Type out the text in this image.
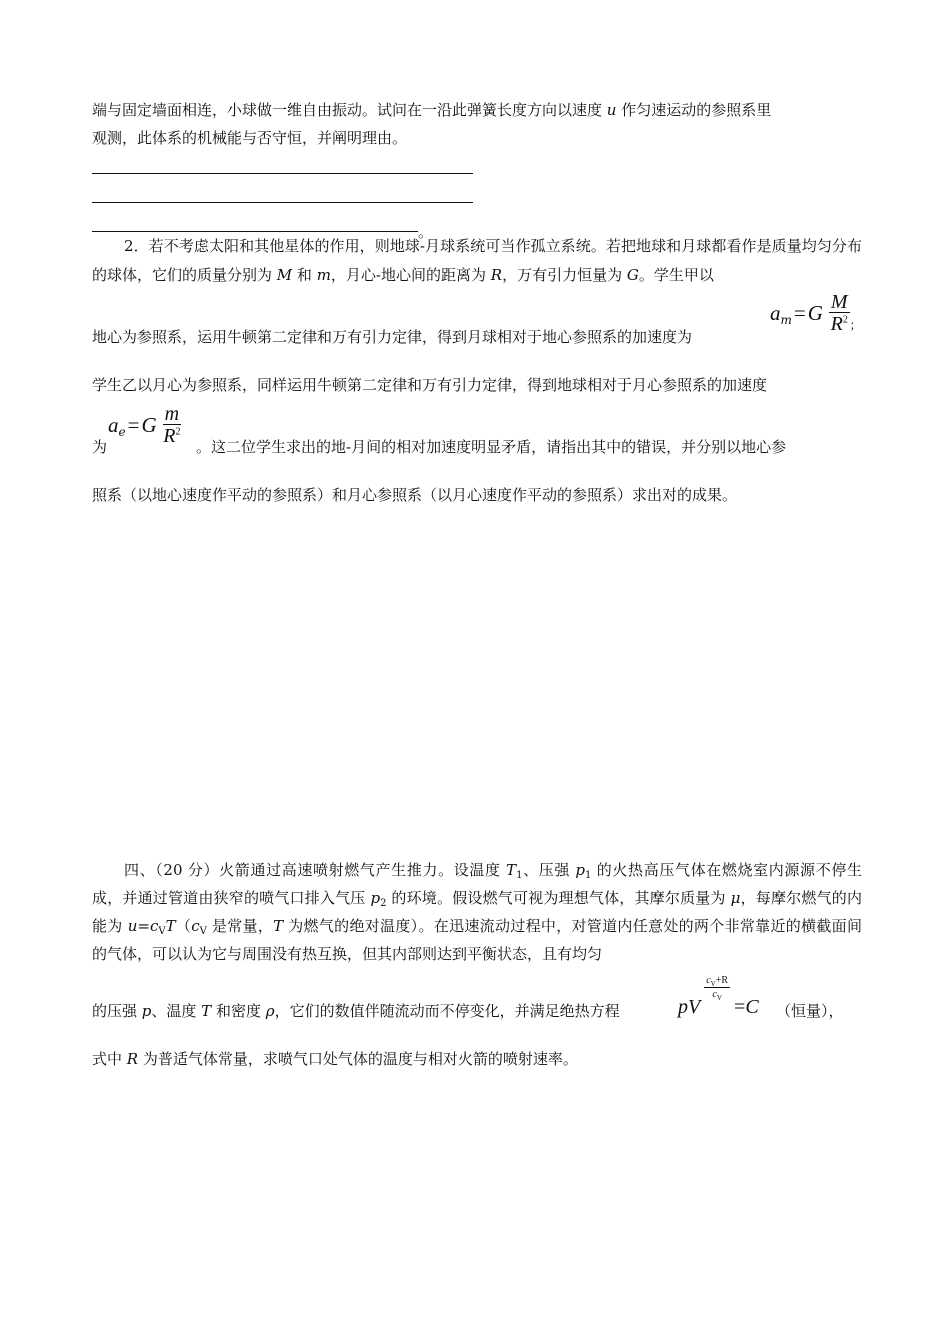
端与固定墙面相连，小球做一维自由振动。试问在一沿此弹簧长度方向以速度 u 作匀速运动的参照系里
观测，此体系的机械能与否守恒，并阐明理由。

。

2．若不考虑太阳和其他星体的作用，则地球-月球系统可当作孤立系统。若把地球和月球都看作是质量均匀分布的球体，它们的质量分别为 M 和 m，月心-地心间的距离为 R，万有引力恒量为 G。学生甲以

地心为参照系，运用牛顿第二定律和万有引力定律，得到月球相对于地心参照系的加速度为
a m = G $\frac{M}{R^2}$ ；
学生乙以月心为参照系，同样运用牛顿第二定律和万有引力定律，得到地球相对于月心参照系的加速度
为
a e = G $\frac{m}{R^2}$ 。这二位学生求出的地-月间的相对加速度明显矛盾，请指出其中的错误，并分别以地心参
照系（以地心速度作平动的参照系）和月心参照系（以月心速度作平动的参照系）求出对的成果。

四、（20 分）火箭通过高速喷射燃气产生推力。设温度 $T_1$、压强 $p_1$ 的火热高压气体在燃烧室内源源不停生成，并通过管道由狭窄的喷气口排入气压 $p_2$ 的环境。假设燃气可视为理想气体，其摩尔质量为 μ，每摩尔燃气的内能为 $u=c_VT(c_V$ 是常量，T 为燃气的绝对温度）。在迅速流动过程中，对管道内任意处的两个非常靠近的横截面间的气体，可以认为它与周围没有热互换，但其内部则达到平衡状态，且有均匀

的压强 p、温度 T 和密度 ρ，它们的数值伴随流动而不停变化，并满足绝热方程	pV
$\frac{c_V+R}{c_V}$
= C （恒量），
式中 R 为普适气体常量，求喷气口处气体的温度与相对火箭的喷射速率。
